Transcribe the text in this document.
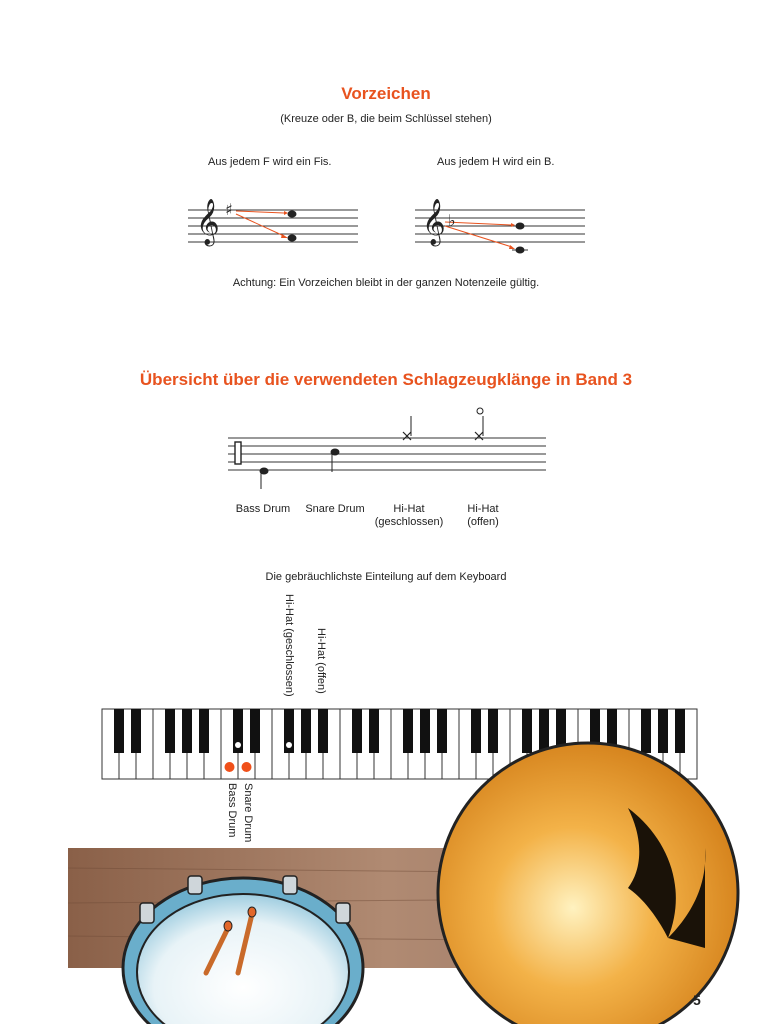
Vorzeichen
(Kreuze oder B, die beim Schlüssel stehen)
Aus jedem F wird ein Fis.	Aus jedem H wird ein B.
𝄞 ♯	𝄞 ♭
Achtung: Ein Vorzeichen bleibt in der ganzen Notenzeile gültig.
Übersicht über die verwendeten Schlagzeugklänge in Band 3
Bass Drum	Snare Drum	Hi-Hat
(geschlossen)
Hi-Hat
(offen)
Die gebräuchlichste Einteilung auf dem Keyboard
Hi-Hat (geschlossen) Hi-Hat (offen)
Snare Drum
Bass Drum
5
